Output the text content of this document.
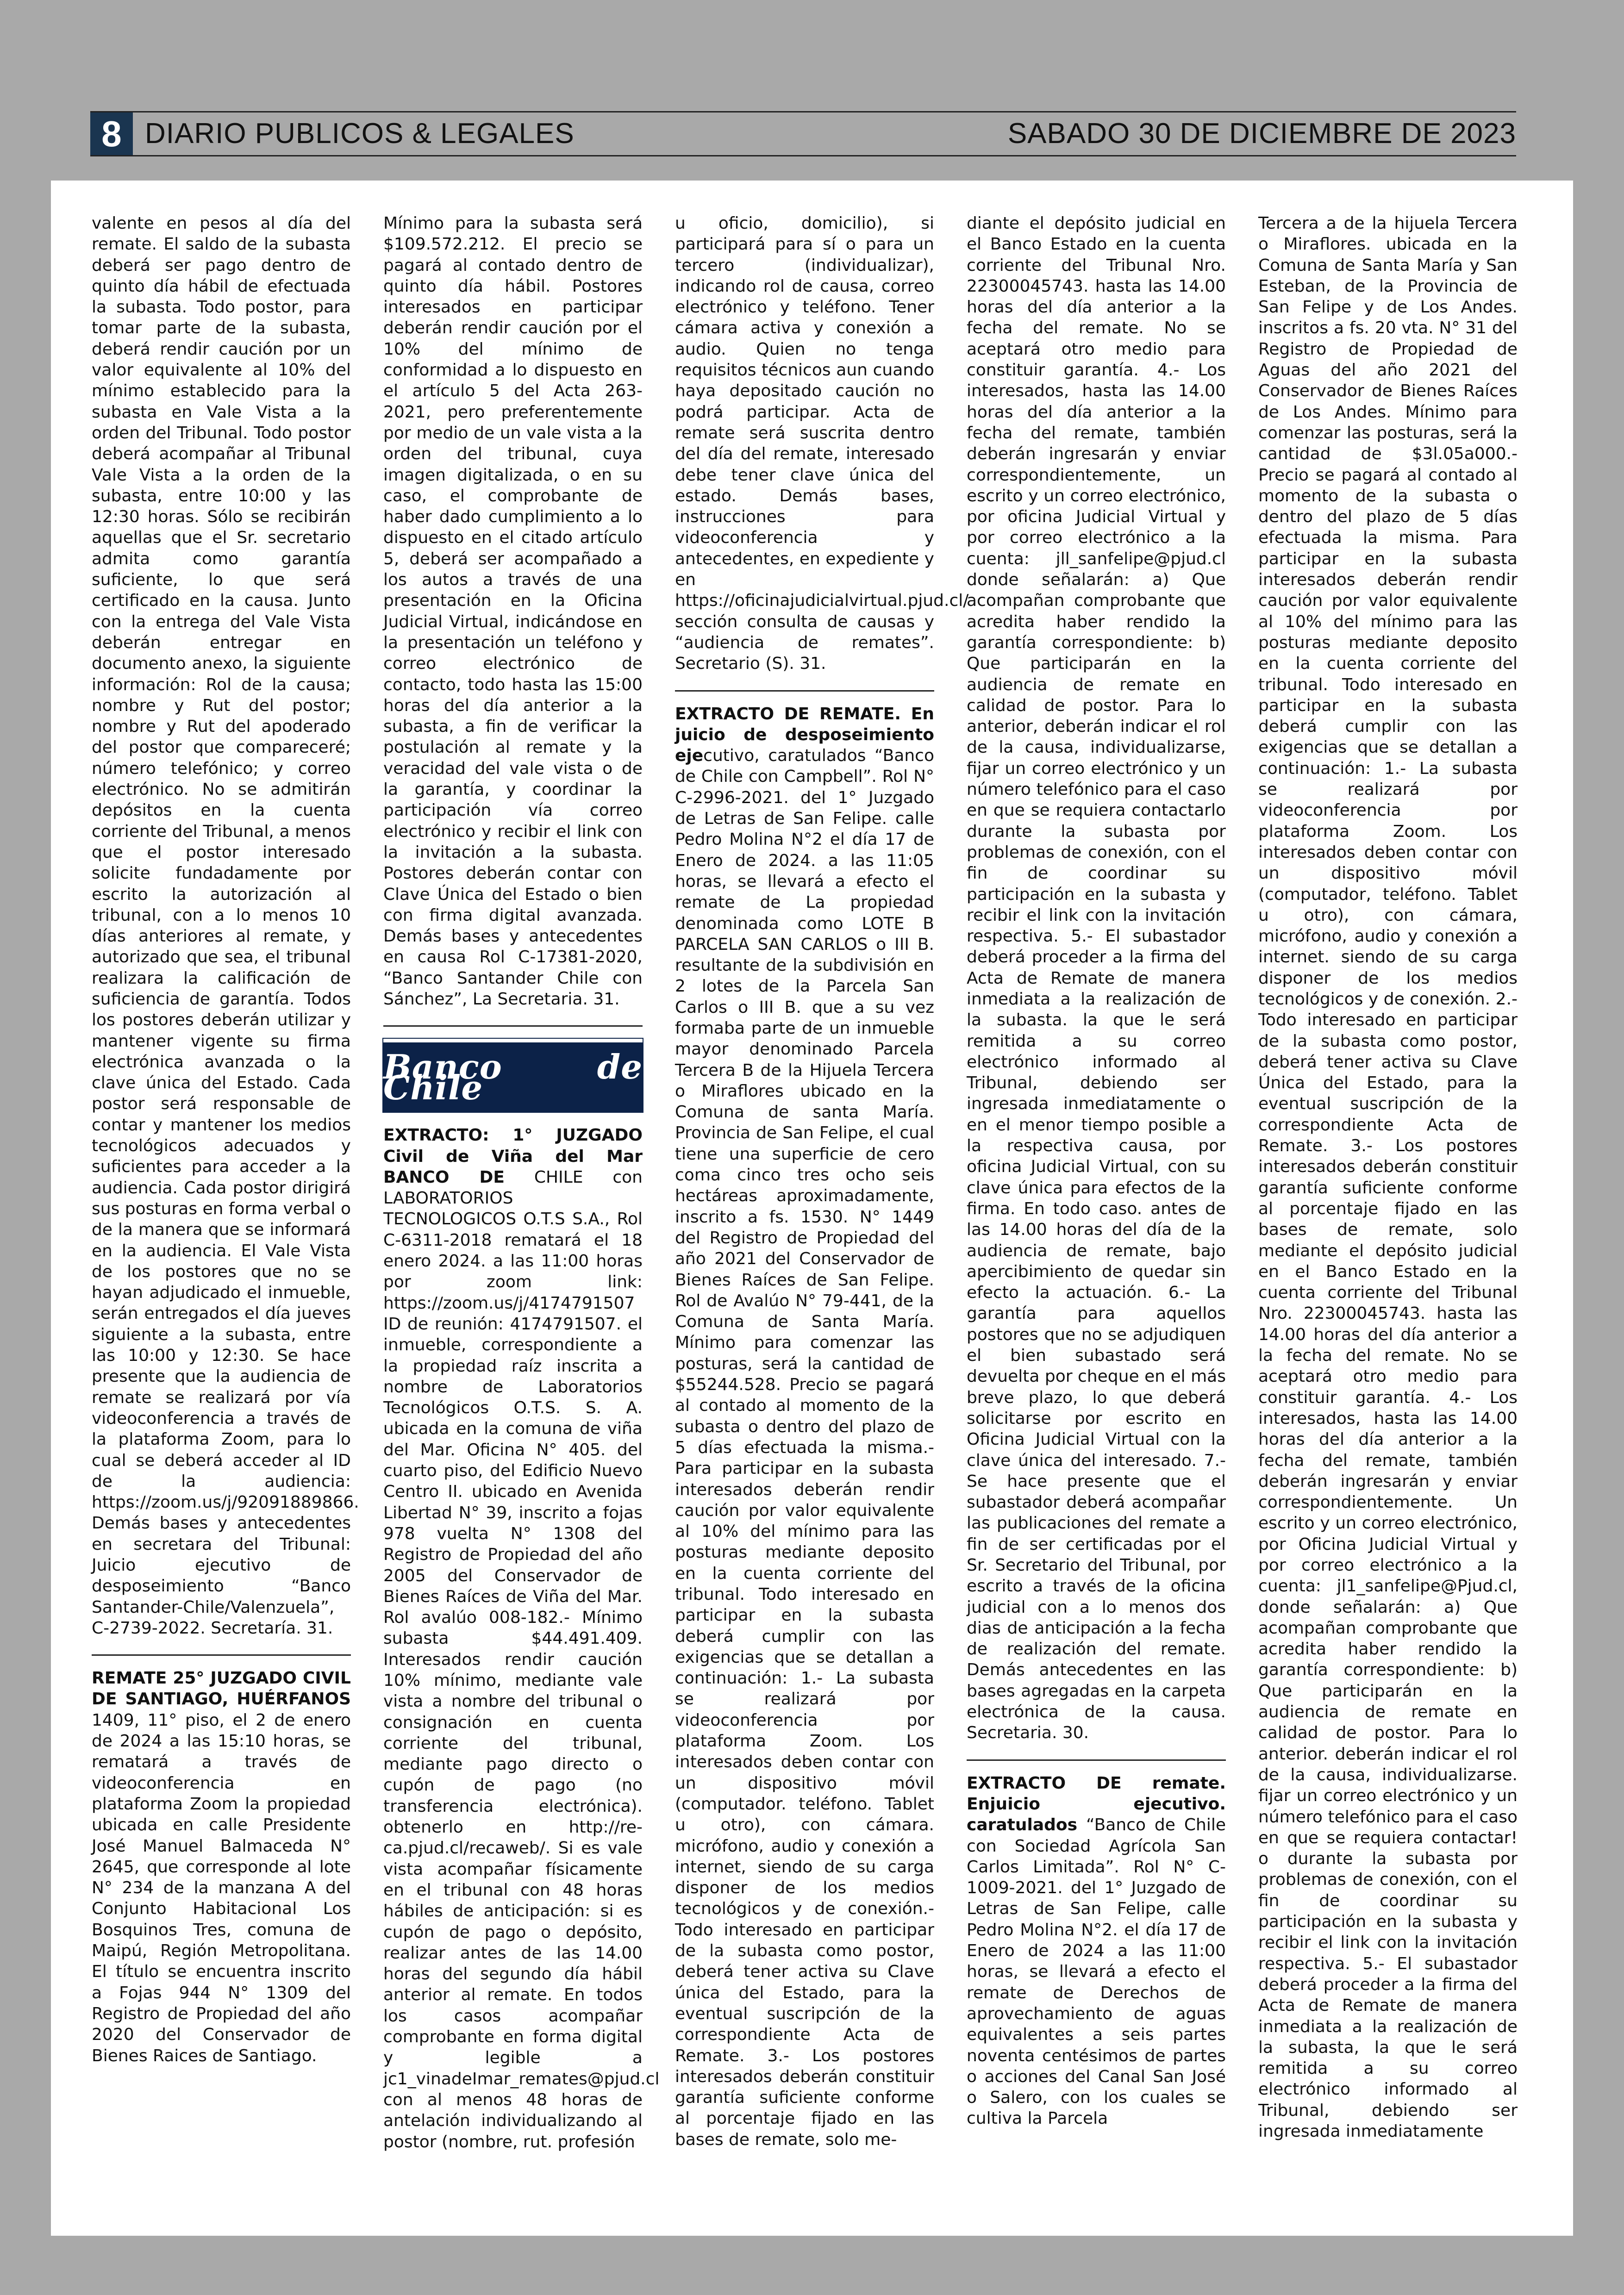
8 DIARIO PUBLICOS & LEGALES	SABADO 30 DE DICIEMBRE DE 2023

valente en pesos al día del remate. El saldo de la subasta deberá ser pago dentro de quinto día hábil de efectuada la subasta. Todo postor, para tomar parte de la subasta, deberá rendir caución por un valor equivalente al 10% del mínimo establecido para la subasta en Vale Vista a la orden del Tribunal. Todo postor deberá acompañar al Tribunal Vale Vista a la orden de la subasta, entre 10:00 y las 12:30 horas. Sólo se recibirán aquellas que el Sr. secretario admita como garantía suficiente, lo que será certificado en la causa. Junto con la entrega del Vale Vista deberán entregar en documento anexo, la siguiente información: Rol de la causa; nombre y Rut del postor; nombre y Rut del apoderado del postor que compareceré; número telefónico; y correo electrónico. No se admitirán depósitos en la cuenta corriente del Tribunal, a menos que el postor interesado solicite fundadamente por escrito la autorización al tribunal, con a lo menos 10 días anteriores al remate, y autorizado que sea, el tribunal realizara la calificación de suficiencia de garantía. Todos los postores deberán utilizar y mantener vigente su firma electrónica avanzada o la clave única del Estado. Cada postor será responsable de contar y mantener los medios tecnológicos adecuados y suficientes para acceder a la audiencia. Cada postor dirigirá sus posturas en forma verbal o de la manera que se informará en la audiencia. El Vale Vista de los postores que no se hayan adjudicado el inmueble, serán entregados el día jueves siguiente a la subasta, entre las 10:00 y 12:30. Se hace presente que la audiencia de remate se realizará por vía videoconferencia a través de la plataforma Zoom, para lo cual se deberá acceder al ID de la audiencia: https://zoom.us/j/92091889866. Demás bases y antecedentes en secretara del Tribunal: Juicio ejecutivo de desposeimiento “Banco Santander-Chile/Valenzuela”, C-2739-2022. Secretaría. 31.

REMATE 25° JUZGADO CIVIL DE SANTIAGO, HUÉRFANOS 1409, 11° piso, el 2 de enero de 2024 a las 15:10 horas, se rematará a través de videoconferencia en plataforma Zoom la propiedad ubicada en calle Presidente José Manuel Balmaceda N° 2645, que corresponde al lote N° 234 de la manzana A del Conjunto Habitacional Los Bosquinos Tres, comuna de Maipú, Región Metropolitana. El título se encuentra inscrito a Fojas 944 N° 1309 del Registro de Propiedad del año 2020 del Conservador de Bienes Raices de Santiago.

Mínimo para la subasta será $109.572.212. El precio se pagará al contado dentro de quinto día hábil. Postores interesados en participar deberán rendir caución por el 10% del mínimo de conformidad a lo dispuesto en el artículo 5 del Acta 263-2021, pero preferentemente por medio de un vale vista a la orden del tribunal, cuya imagen digitalizada, o en su caso, el comprobante de haber dado cumplimiento a lo dispuesto en el citado artículo 5, deberá ser acompañado a los autos a través de una presentación en la Oficina Judicial Virtual, indicándose en la presentación un teléfono y correo electrónico de contacto, todo hasta las 15:00 horas del día anterior a la subasta, a fin de verificar la postulación al remate y la veracidad del vale vista o de la garantía, y coordinar la participación vía correo electrónico y recibir el link con la invitación a la subasta. Postores deberán contar con Clave Única del Estado o bien con firma digital avanzada. Demás bases y antecedentes en causa Rol C-17381-2020, “Banco Santander Chile con Sánchez”, La Secretaria. 31.

Banco de Chile

EXTRACTO: 1° JUZGADO Civil de Viña del Mar BANCO DE CHILE con LABORATORIOS TECNOLOGICOS O.T.S S.A., Rol C-6311-2018 rematará el 18 enero 2024. a las 11:00 horas por zoom link: https://zoom.us/j/4174791507 ID de reunión: 4174791507. el inmueble, correspondiente a la propiedad raíz inscrita a nombre de Laboratorios Tecnológicos O.T.S. S. A. ubicada en la comuna de viña del Mar. Oficina N° 405. del cuarto piso, del Edificio Nuevo Centro II. ubicado en Avenida Libertad N° 39, inscrito a fojas 978 vuelta N° 1308 del Registro de Propiedad del año 2005 del Conservador de Bienes Raíces de Viña del Mar. Rol avalúo 008-182.- Mínimo subasta $44.491.409. Interesados rendir caución 10% mínimo, mediante vale vista a nombre del tribunal o consignación en cuenta corriente del tribunal, mediante pago directo o cupón de pago (no transferencia electrónica). obtenerlo en http://re-ca.pjud.cl/recaweb/. Si es vale vista acompañar físicamente en el tribunal con 48 horas hábiles de anticipación: si es cupón de pago o depósito, realizar antes de las 14.00 horas del segundo día hábil anterior al remate. En todos los casos acompañar comprobante en forma digital y legible a jc1_vinadeImar_remates@pjud.cl con al menos 48 horas de antelación individualizando al postor (nombre, rut. profesión

u oficio, domicilio), si participará para sí o para un tercero (individualizar), indicando rol de causa, correo electrónico y teléfono. Tener cámara activa y conexión a audio. Quien no tenga requisitos técnicos aun cuando haya depositado caución no podrá participar. Acta de remate será suscrita dentro del día del remate, interesado debe tener clave única del estado. Demás bases, instrucciones para videoconferencia y antecedentes, en expediente y en https://oficinajudicialvirtual.pjud.cl/ sección consulta de causas y “audiencia de remates”. Secretario (S). 31.

EXTRACTO DE REMATE. En juicio de desposeimiento ejecutivo, caratulados “Banco de Chile con Campbell”. Rol N° C-2996-2021. del 1° Juzgado de Letras de San Felipe. calle Pedro Molina N°2 el día 17 de Enero de 2024. a las 11:05 horas, se llevará a efecto el remate de La propiedad denominada como LOTE B PARCELA SAN CARLOS o III B. resultante de la subdivisión en 2 lotes de la Parcela San Carlos o III B. que a su vez formaba parte de un inmueble mayor denominado Parcela Tercera B de la Hijuela Tercera o Miraflores ubicado en la Comuna de santa María. Provincia de San Felipe, el cual tiene una superficie de cero coma cinco tres ocho seis hectáreas aproximadamente, inscrito a fs. 1530. N° 1449 del Registro de Propiedad del año 2021 del Conservador de Bienes Raíces de San Felipe. Rol de Avalúo N° 79-441, de la Comuna de Santa María. Mínimo para comenzar las posturas, será la cantidad de $55244.528. Precio se pagará al contado al momento de la subasta o dentro del plazo de 5 días efectuada la misma.- Para participar en la subasta interesados deberán rendir caución por valor equivalente al 10% del mínimo para las posturas mediante deposito en la cuenta corriente del tribunal. Todo interesado en participar en la subasta deberá cumplir con las exigencias que se detallan a continuación: 1.- La subasta se realizará por videoconferencia por plataforma Zoom. Los interesados deben contar con un dispositivo móvil (computador. teléfono. Tablet u otro), con cámara. micrófono, audio y conexión a internet, siendo de su carga disponer de los medios tecnológicos y de conexión.- Todo interesado en participar de la subasta como postor, deberá tener activa su Clave única del Estado, para la eventual suscripción de la correspondiente Acta de Remate. 3.- Los postores interesados deberán constituir garantía suficiente conforme al porcentaje fijado en las bases de remate, solo me-

diante el depósito judicial en el Banco Estado en la cuenta corriente del Tribunal Nro. 22300045743. hasta las 14.00 horas del día anterior a la fecha del remate. No se aceptará otro medio para constituir garantía. 4.- Los interesados, hasta las 14.00 horas del día anterior a la fecha del remate, también deberán ingresarán y enviar correspondientemente, un escrito y un correo electrónico, por oficina Judicial Virtual y por correo electrónico a la cuenta: jll_sanfelipe@pjud.cl donde señalarán: a) Que acompañan comprobante que acredita haber rendido la garantía correspondiente: b) Que participarán en la audiencia de remate en calidad de postor. Para lo anterior, deberán indicar el rol de la causa, individualizarse, fijar un correo electrónico y un número telefónico para el caso en que se requiera contactarlo durante la subasta por problemas de conexión, con el fin de coordinar su participación en la subasta y recibir el link con la invitación respectiva. 5.- El subastador deberá proceder a la firma del Acta de Remate de manera inmediata a la realización de la subasta. la que le será remitida a su correo electrónico informado al Tribunal, debiendo ser ingresada inmediatamente o en el menor tiempo posible a la respectiva causa, por oficina Judicial Virtual, con su clave única para efectos de la firma. En todo caso. antes de las 14.00 horas del día de la audiencia de remate, bajo apercibimiento de quedar sin efecto la actuación. 6.- La garantía para aquellos postores que no se adjudiquen el bien subastado será devuelta por cheque en el más breve plazo, lo que deberá solicitarse por escrito en Oficina Judicial Virtual con la clave única del interesado. 7.- Se hace presente que el subastador deberá acompañar las publicaciones del remate a fin de ser certificadas por el Sr. Secretario del Tribunal, por escrito a través de la oficina judicial con a lo menos dos dias de anticipación a la fecha de realización del remate. Demás antecedentes en las bases agregadas en la carpeta electrónica de la causa. Secretaria. 30.

EXTRACTO DE remate. Enjuicio ejecutivo. caratulados “Banco de Chile con Sociedad Agrícola San Carlos Limitada”. Rol N° C-1009-2021. del 1° Juzgado de Letras de San Felipe, calle Pedro Molina N°2. el día 17 de Enero de 2024 a las 11:00 horas, se llevará a efecto el remate de Derechos de aprovechamiento de aguas equivalentes a seis partes noventa centésimos de partes o acciones del Canal San José o Salero, con los cuales se cultiva la Parcela

Tercera a de la hijuela Tercera o Miraflores. ubicada en la Comuna de Santa María y San Esteban, de la Provincia de San Felipe y de Los Andes. inscritos a fs. 20 vta. N° 31 del Registro de Propiedad de Aguas del año 2021 del Conservador de Bienes Raíces de Los Andes. Mínimo para comenzar las posturas, será la cantidad de $3l.05a000.- Precio se pagará al contado al momento de la subasta o dentro del plazo de 5 días efectuada la misma. Para participar en la subasta interesados deberán rendir caución por valor equivalente al 10% del mínimo para las posturas mediante deposito en la cuenta corriente del tribunal. Todo interesado en participar en la subasta deberá cumplir con las exigencias que se detallan a continuación: 1.- La subasta se realizará por videoconferencia por plataforma Zoom. Los interesados deben contar con un dispositivo móvil (computador, teléfono. Tablet u otro), con cámara, micrófono, audio y conexión a internet. siendo de su carga disponer de los medios tecnológicos y de conexión. 2.- Todo interesado en participar de la subasta como postor, deberá tener activa su Clave Única del Estado, para la eventual suscripción de la correspondiente Acta de Remate. 3.- Los postores interesados deberán constituir garantía suficiente conforme al porcentaje fijado en las bases de remate, solo mediante el depósito judicial en el Banco Estado en la cuenta corriente del Tribunal Nro. 22300045743. hasta las 14.00 horas del día anterior a la fecha del remate. No se aceptará otro medio para constituir garantía. 4.- Los interesados, hasta las 14.00 horas del día anterior a la fecha del remate, también deberán ingresarán y enviar correspondientemente. Un escrito y un correo electrónico, por Oficina Judicial Virtual y por correo electrónico a la cuenta: jl1_sanfelipe@Pjud.cl, donde señalarán: a) Que acompañan comprobante que acredita haber rendido la garantía correspondiente: b) Que participarán en la audiencia de remate en calidad de postor. Para lo anterior. deberán indicar el rol de la causa, individualizarse. fijar un correo electrónico y un número telefónico para el caso en que se requiera contactar! o durante la subasta por problemas de conexión, con el fin de coordinar su participación en la subasta y recibir el link con la invitación respectiva. 5.- El subastador deberá proceder a la firma del Acta de Remate de manera inmediata a la realización de la subasta, la que le será remitida a su correo electrónico informado al Tribunal, debiendo ser ingresada inmediatamente
